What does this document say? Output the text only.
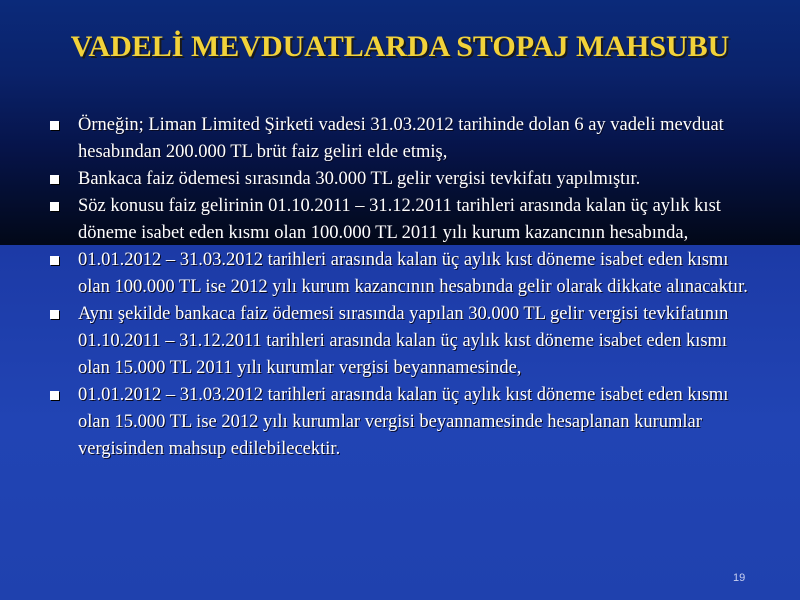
VADELİ MEVDUATLARDA STOPAJ MAHSUBU
Örneğin; Liman Limited Şirketi vadesi 31.03.2012 tarihinde dolan 6 ay vadeli mevduat hesabından 200.000 TL brüt faiz geliri elde etmiş,
Bankaca faiz ödemesi sırasında 30.000 TL gelir vergisi tevkifatı yapılmıştır.
Söz konusu faiz gelirinin 01.10.2011 – 31.12.2011 tarihleri arasında kalan üç aylık kıst döneme isabet eden kısmı olan 100.000 TL 2011 yılı kurum kazancının hesabında,
01.01.2012 – 31.03.2012 tarihleri arasında kalan üç aylık kıst döneme isabet eden kısmı olan 100.000 TL ise 2012 yılı kurum kazancının hesabında gelir olarak dikkate alınacaktır.
Aynı şekilde bankaca faiz ödemesi sırasında yapılan 30.000 TL gelir vergisi tevkifatının 01.10.2011 – 31.12.2011 tarihleri arasında kalan üç aylık kıst döneme isabet eden kısmı olan 15.000 TL 2011 yılı kurumlar vergisi beyannamesinde,
01.01.2012 – 31.03.2012 tarihleri arasında kalan üç aylık kıst döneme isabet eden kısmı olan 15.000 TL ise 2012 yılı kurumlar vergisi beyannamesinde hesaplanan kurumlar vergisinden mahsup edilebilecektir.
19
